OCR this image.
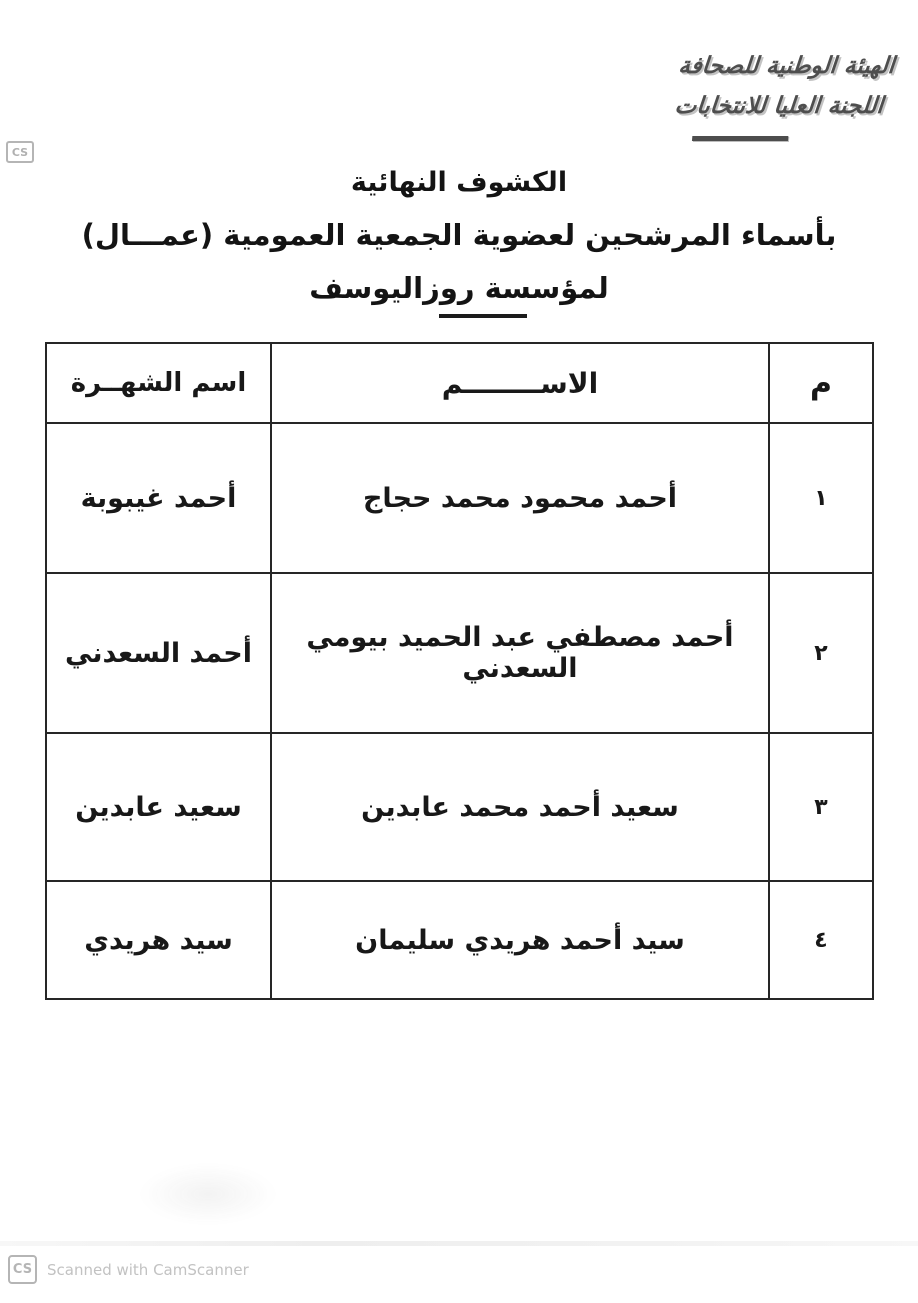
CS
الهيئة الوطنية للصحافة
اللجنة العليا للانتخابات
الكشوف النهائية
بأسماء المرشحين لعضوية الجمعية العمومية (عمـــال)
لمؤسسة روزاليوسف
م	الاســــــــم	اسم الشهــرة
١	أحمد محمود محمد حجاج	أحمد غيبوبة
٢	أحمد مصطفي عبد الحميد بيومي السعدني	أحمد السعدني
٣	سعيد أحمد محمد عابدين	سعيد عابدين
٤	سيد أحمد هريدي سليمان	سيد هريدي
CS Scanned with CamScanner
